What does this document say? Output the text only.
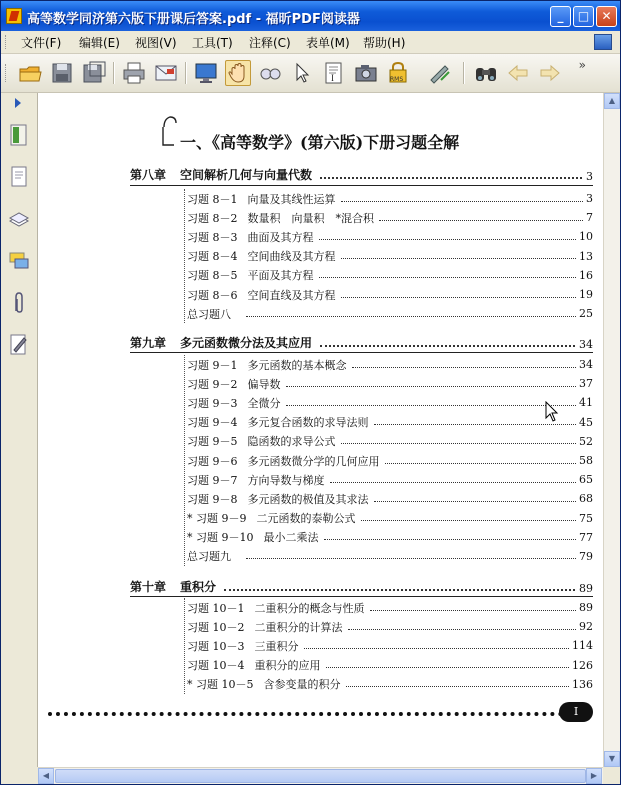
高等数学同济第六版下册课后答案.pdf - 福昕PDF阅读器	_	□	✕
文件(F) 编辑(E) 视图(V) 工具(T) 注释(C) 表单(M) 帮助(H)
I	RMS
»
一、《高等数学》(第六版)下册习题全解
第八章 空间解析几何与向量代数	3
习题 8－1 向量及其线性运算	3
习题 8－2 数量积　向量积　*混合积	7
习题 8－3 曲面及其方程	10
习题 8－4 空间曲线及其方程	13
习题 8－5 平面及其方程	16
习题 8－6 空间直线及其方程	19
总习题八	25
第九章 多元函数微分法及其应用	34
习题 9－1 多元函数的基本概念	34
习题 9－2 偏导数	37
习题 9－3 全微分	41
习题 9－4 多元复合函数的求导法则	45
习题 9－5 隐函数的求导公式	52
习题 9－6 多元函数微分学的几何应用	58
习题 9－7 方向导数与梯度	65
习题 9－8 多元函数的极值及其求法	68
* 习题 9－9 二元函数的泰勒公式	75
* 习题 9－10 最小二乘法	77
总习题九	79
第十章 重积分	89
习题 10－1 二重积分的概念与性质	89
习题 10－2 二重积分的计算法	92
习题 10－3 三重积分	114
习题 10－4 重积分的应用	126
* 习题 10－5 含参变量的积分	136
I
▲
▼
◀	▶
